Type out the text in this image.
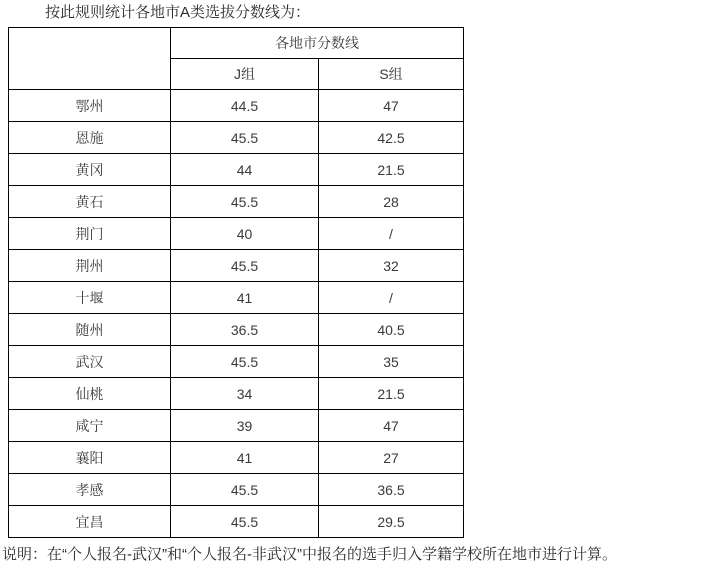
按此规则统计各地市A类选拔分数线为：

	各地市分数线	
	J组	S组
鄂州	44.5	47
恩施	45.5	42.5
黄冈	44	21.5
黄石	45.5	28
荆门	40	/
荆州	45.5	32
十堰	41	/
随州	36.5	40.5
武汉	45.5	35
仙桃	34	21.5
咸宁	39	47
襄阳	41	27
孝感	45.5	36.5
宜昌	45.5	29.5

说明：在“个人报名-武汉”和“个人报名-非武汉”中报名的选手归入学籍学校所在地市进行计算。
